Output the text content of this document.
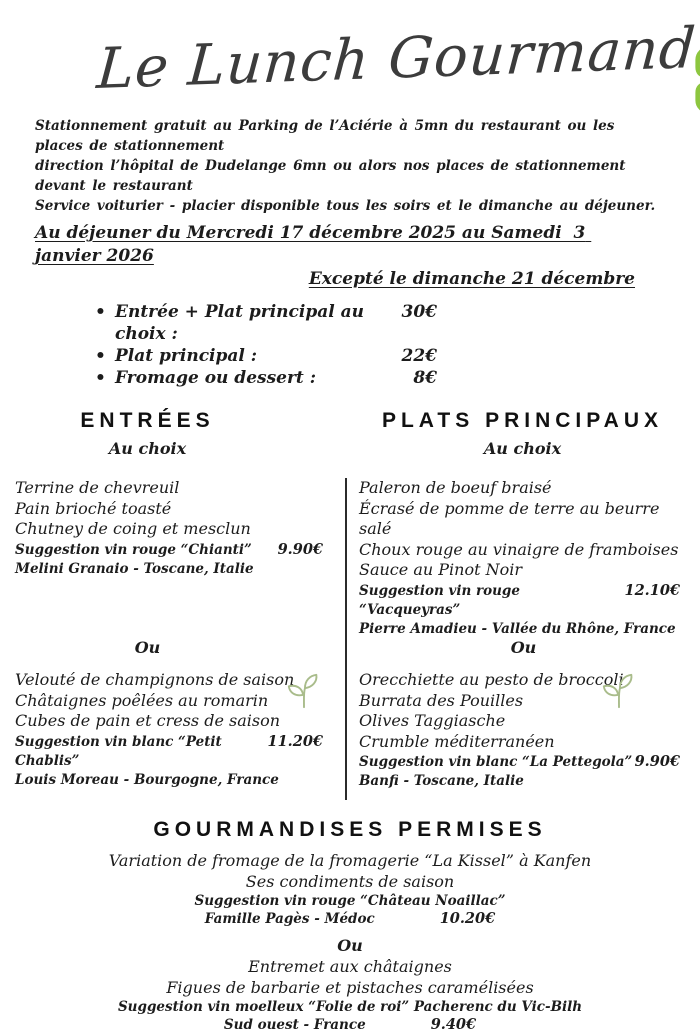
Le Lunch Gourmand
Stationnement gratuit au Parking de l’Aciérie à 5mn du restaurant ou les places de stationnement
direction l’hôpital de Dudelange 6mn ou alors nos places de stationnement devant le restaurant
Service voiturier - placier disponible tous les soirs et le dimanche au déjeuner.
Au déjeuner du Mercredi 17 décembre 2025 au Samedi  3 janvier 2026
Excepté le dimanche 21 décembre
• Entrée + Plat principal au choix :
30€
• Plat principal :	22€
• Fromage ou dessert :	8€
ENTRÉES
Au choix
PLATS PRINCIPAUX
Au choix
Terrine de chevreuil
Pain brioché toasté
Chutney de coing et mesclun
Suggestion vin rouge “Chianti” 9.90€
Melini Granaio - Toscane, Italie
Ou
Velouté de champignons de saison
Châtaignes poêlées au romarin
Cubes de pain et cress de saison
Suggestion vin blanc “Petit Chablis”
11.20€
Louis Moreau - Bourgogne, France
Paleron de boeuf braisé
Écrasé de pomme de terre au beurre salé
Choux rouge au vinaigre de framboises
Sauce au Pinot Noir
Suggestion vin rouge “Vacqueyras”
12.10€
Pierre Amadieu - Vallée du Rhône, France
Ou
Orecchiette au pesto de broccoli
Burrata des Pouilles
Olives Taggiasche
Crumble méditerranéen
Suggestion vin blanc “La Pettegola” 9.90€
Banfi - Toscane, Italie
GOURMANDISES PERMISES
Variation de fromage de la fromagerie “La Kissel” à Kanfen
Ses condiments de saison
Suggestion vin rouge “Château Noaillac”
Famille Pagès - Médoc	10.20€
Ou
Entremet aux châtaignes
Figues de barbarie et pistaches caramélisées
Suggestion vin moelleux “Folie de roi” Pacherenc du Vic-Bilh
Sud ouest - France	9.40€
